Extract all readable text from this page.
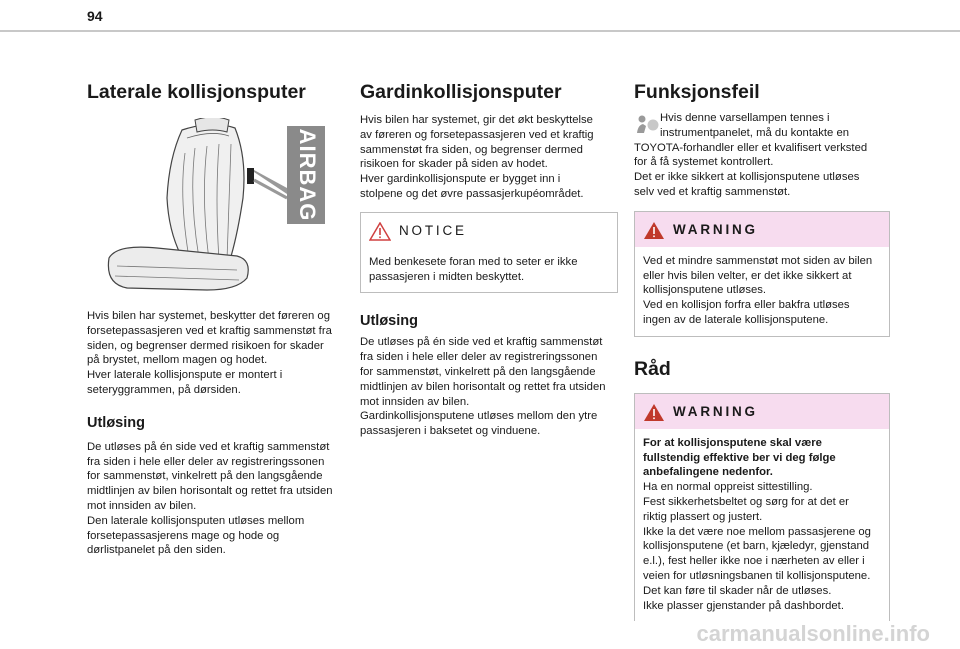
94
Laterale kollisjonsputer
AIRBAG

Hvis bilen har systemet, beskytter det føreren og
forsetepassasjeren ved et kraftig sammenstøt fra
siden, og begrenser dermed risikoen for skader
på brystet, mellom magen og hodet.
Hver laterale kollisjonspute er montert i
seteryggrammen, på dørsiden.

Utløsing

De utløses på én side ved et kraftig sammenstøt
fra siden i hele eller deler av registreringssonen
for sammenstøt, vinkelrett på den langsgående
midtlinjen av bilen horisontalt og rettet fra utsiden
mot innsiden av bilen.
Den laterale kollisjonsputen utløses mellom
forsetepassasjerens mage og hode og
dørlistpanelet på den siden.

Gardinkollisjonsputer

Hvis bilen har systemet, gir det økt beskyttelse
av føreren og forsetepassasjeren ved et kraftig
sammenstøt fra siden, og begrenser dermed
risikoen for skader på siden av hodet.
Hver gardinkollisjonspute er bygget inn i
stolpene og det øvre passasjerkupéområdet.

NOTICE

Med benkesete foran med to seter er ikke
passasjeren i midten beskyttet.

Utløsing

De utløses på én side ved et kraftig sammenstøt
fra siden i hele eller deler av registreringssonen
for sammenstøt, vinkelrett på den langsgående
midtlinjen av bilen horisontalt og rettet fra utsiden
mot innsiden av bilen.
Gardinkollisjonsputene utløses mellom den ytre
passasjeren i baksetet og vinduene.

Funksjonsfeil

Hvis denne varsellampen tennes i
instrumentpanelet, må du kontakte en

TOYOTA-forhandler eller et kvalifisert verksted
for å få systemet kontrollert.
Det er ikke sikkert at kollisjonsputene utløses
selv ved et kraftig sammenstøt.

WARNING

Ved et mindre sammenstøt mot siden av bilen
eller hvis bilen velter, er det ikke sikkert at
kollisjonsputene utløses.
Ved en kollisjon forfra eller bakfra utløses
ingen av de laterale kollisjonsputene.

Råd
WARNING

For at kollisjonsputene skal være
fullstendig effektive ber vi deg følge
anbefalingene nedenfor.

Ha en normal oppreist sittestilling.
Fest sikkerhetsbeltet og sørg for at det er
riktig plassert og justert.
Ikke la det være noe mellom passasjerene og
kollisjonsputene (et barn, kjæledyr, gjenstand
e.l.), fest heller ikke noe i nærheten av eller i
veien for utløsningsbanen til kollisjonsputene.
Det kan føre til skader når de utløses.
Ikke plasser gjenstander på dashbordet.

carmanualsonline.info
